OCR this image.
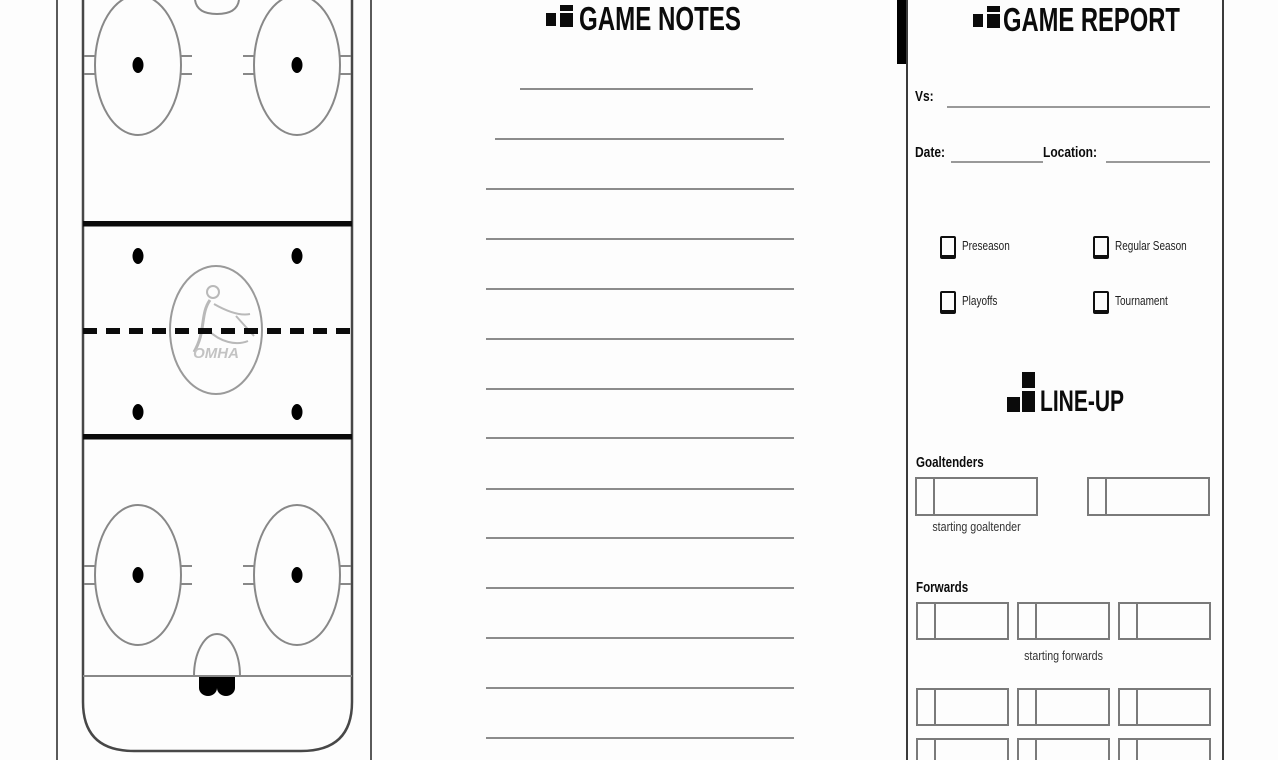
OMHA
GAME NOTES	GAME REPORT
Vs:
Date:	Location:
Preseason	Regular Season
Playoffs	Tournament
LINE-UP
Goaltenders
starting goaltender
Forwards
starting forwards
